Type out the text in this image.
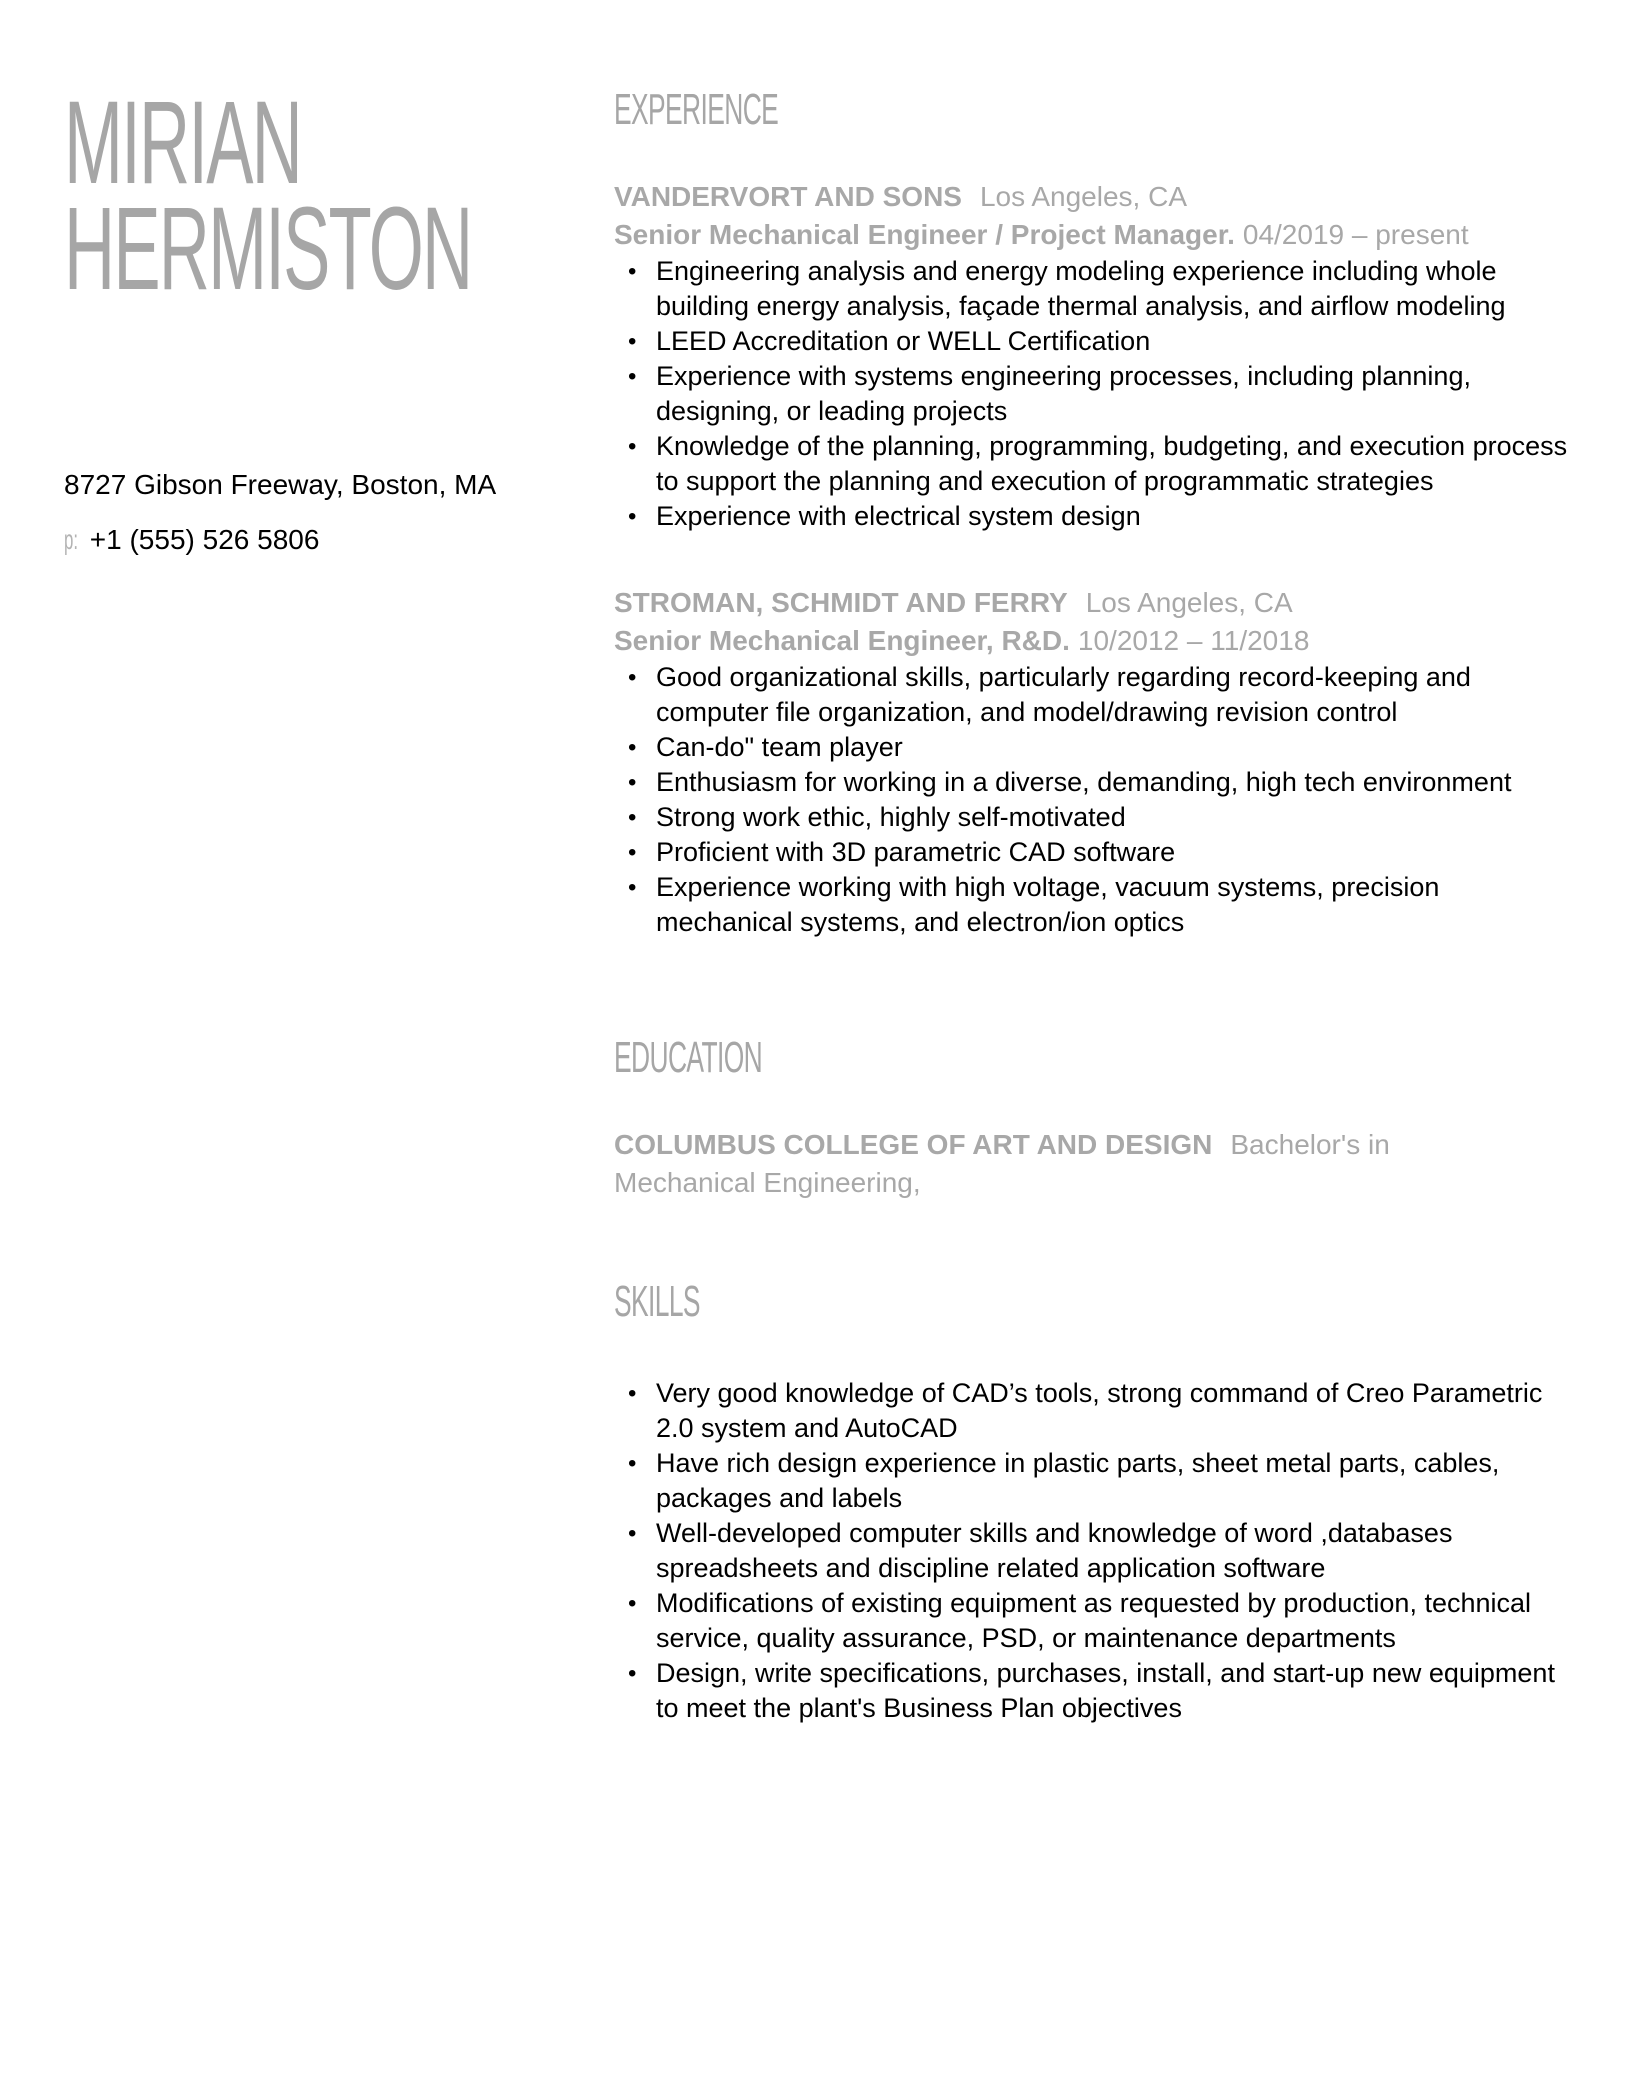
MIRIAN
HERMISTON
8727 Gibson Freeway, Boston, MA
p: +1 (555) 526 5806
EXPERIENCE
VANDERVORT AND SONS Los Angeles, CA
Senior Mechanical Engineer / Project Manager. 04/2019 – present
• Engineering analysis and energy modeling experience including whole building energy analysis, façade thermal analysis, and airflow modeling
• LEED Accreditation or WELL Certification
• Experience with systems engineering processes, including planning, designing, or leading projects
• Knowledge of the planning, programming, budgeting, and execution process to support the planning and execution of programmatic strategies
• Experience with electrical system design
STROMAN, SCHMIDT AND FERRY Los Angeles, CA
Senior Mechanical Engineer, R&D. 10/2012 – 11/2018
• Good organizational skills, particularly regarding record-keeping and computer file organization, and model/drawing revision control
• Can-do" team player
• Enthusiasm for working in a diverse, demanding, high tech environment
• Strong work ethic, highly self-motivated
• Proficient with 3D parametric CAD software
• Experience working with high voltage, vacuum systems, precision mechanical systems, and electron/ion optics
EDUCATION
COLUMBUS COLLEGE OF ART AND DESIGN Bachelor's in Mechanical Engineering,
SKILLS
• Very good knowledge of CAD’s tools, strong command of Creo Parametric 2.0 system and AutoCAD
• Have rich design experience in plastic parts, sheet metal parts, cables, packages and labels
• Well-developed computer skills and knowledge of word ,databases spreadsheets and discipline related application software
• Modifications of existing equipment as requested by production, technical service, quality assurance, PSD, or maintenance departments
• Design, write specifications, purchases, install, and start-up new equipment to meet the plant's Business Plan objectives
